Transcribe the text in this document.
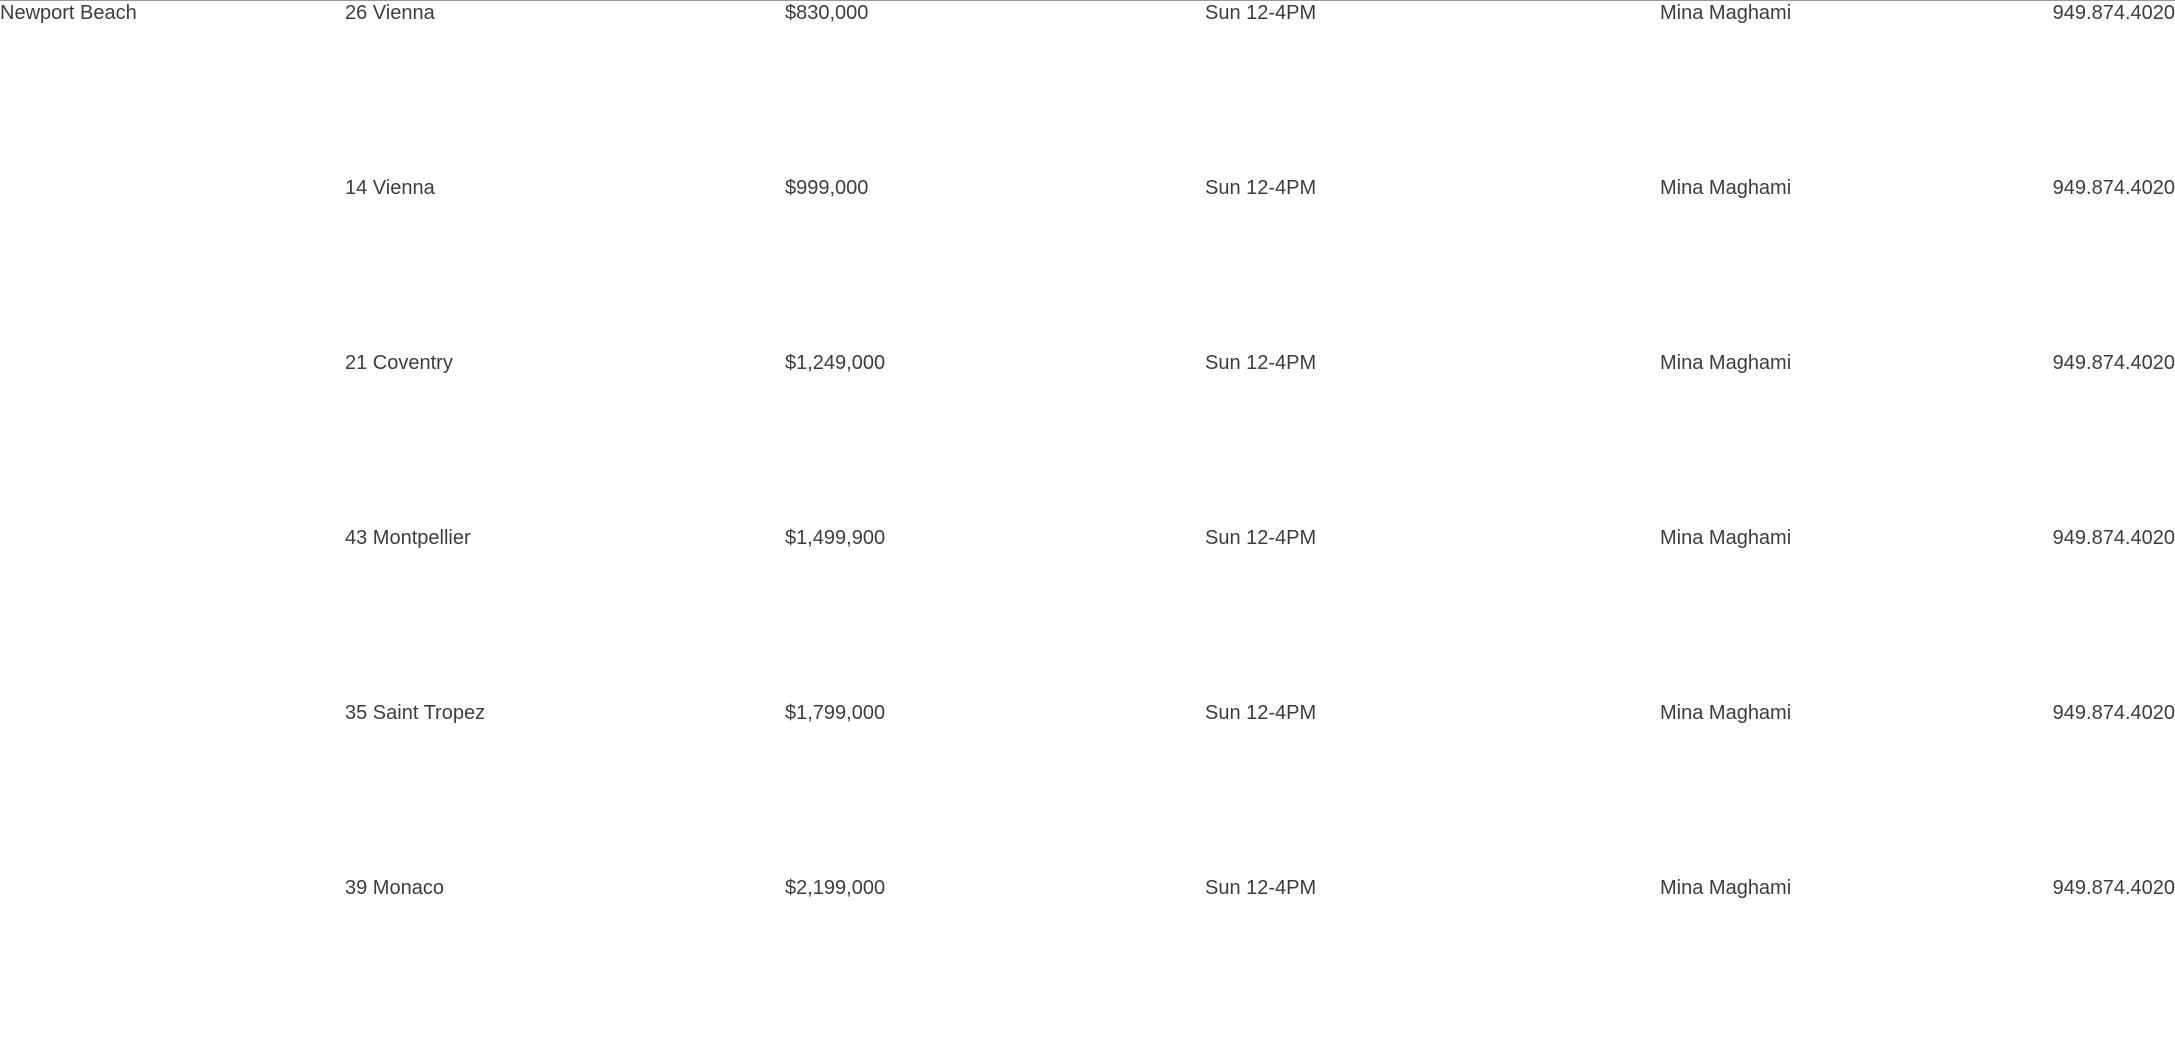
Newport Beach	26 Vienna	$830,000	Sun 12-4PM	Mina Maghami	949.874.4020
	14 Vienna	$999,000	Sun 12-4PM	Mina Maghami	949.874.4020
	21 Coventry	$1,249,000	Sun 12-4PM	Mina Maghami	949.874.4020
	43 Montpellier	$1,499,900	Sun 12-4PM	Mina Maghami	949.874.4020
	35 Saint Tropez	$1,799,000	Sun 12-4PM	Mina Maghami	949.874.4020
	39 Monaco	$2,199,000	Sun 12-4PM	Mina Maghami	949.874.4020
